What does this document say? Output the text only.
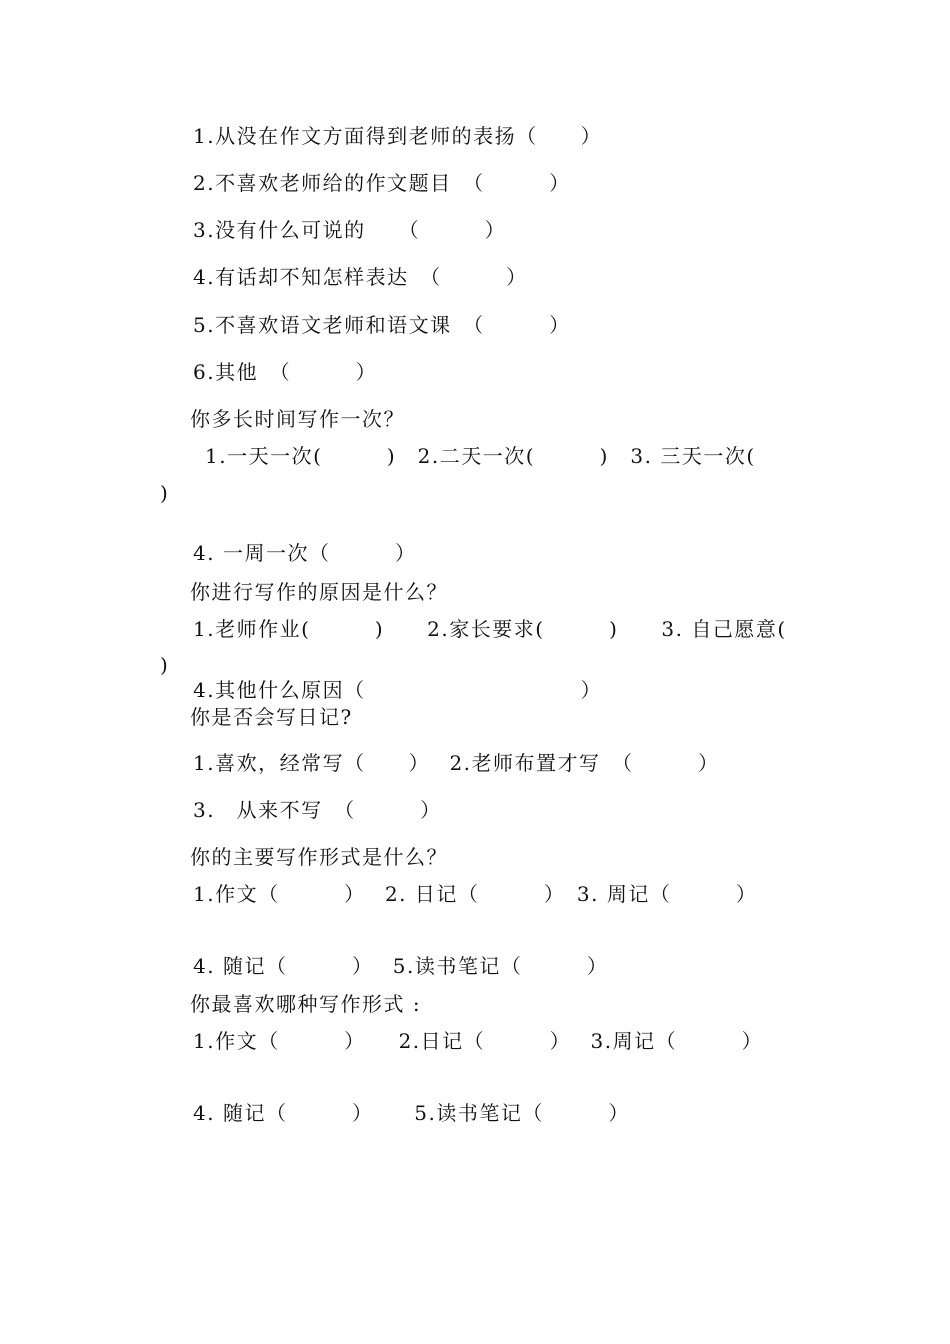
1.从没在作文方面得到老师的表扬（　　）
2.不喜欢老师给的作文题目　（　　　）
3.没有什么可说的　　（　　　）
4.有话却不知怎样表达　（　　　）
5.不喜欢语文老师和语文课　（　　　）
6.其他　（　　　）
你多长时间写作一次？
1.一天一次(　　　)　2.二天一次(　　　)　3. 三天一次(
)
4. 一周一次（　　　）
你进行写作的原因是什么？
1.老师作业(　　　)　　2.家长要求(　　　)　　3. 自己愿意(
)
4.其他什么原因（　　　　　　　　　　）
你是否会写日记?
1.喜欢，经常写（　　）　 2.老师布置才写　（　　　）
3.　从来不写　（　　　）
你的主要写作形式是什么？
1.作文（　　　）　 2. 日记（　　　）　3. 周记（　　　）
4. 随记（　　　）　 5.读书笔记（　　　）
你最喜欢哪种写作形式 :
1.作文（　　　）　　2.日记（　　　）　 3.周记（　　　）
4. 随记（　　　）　　 5.读书笔记（　　　）
